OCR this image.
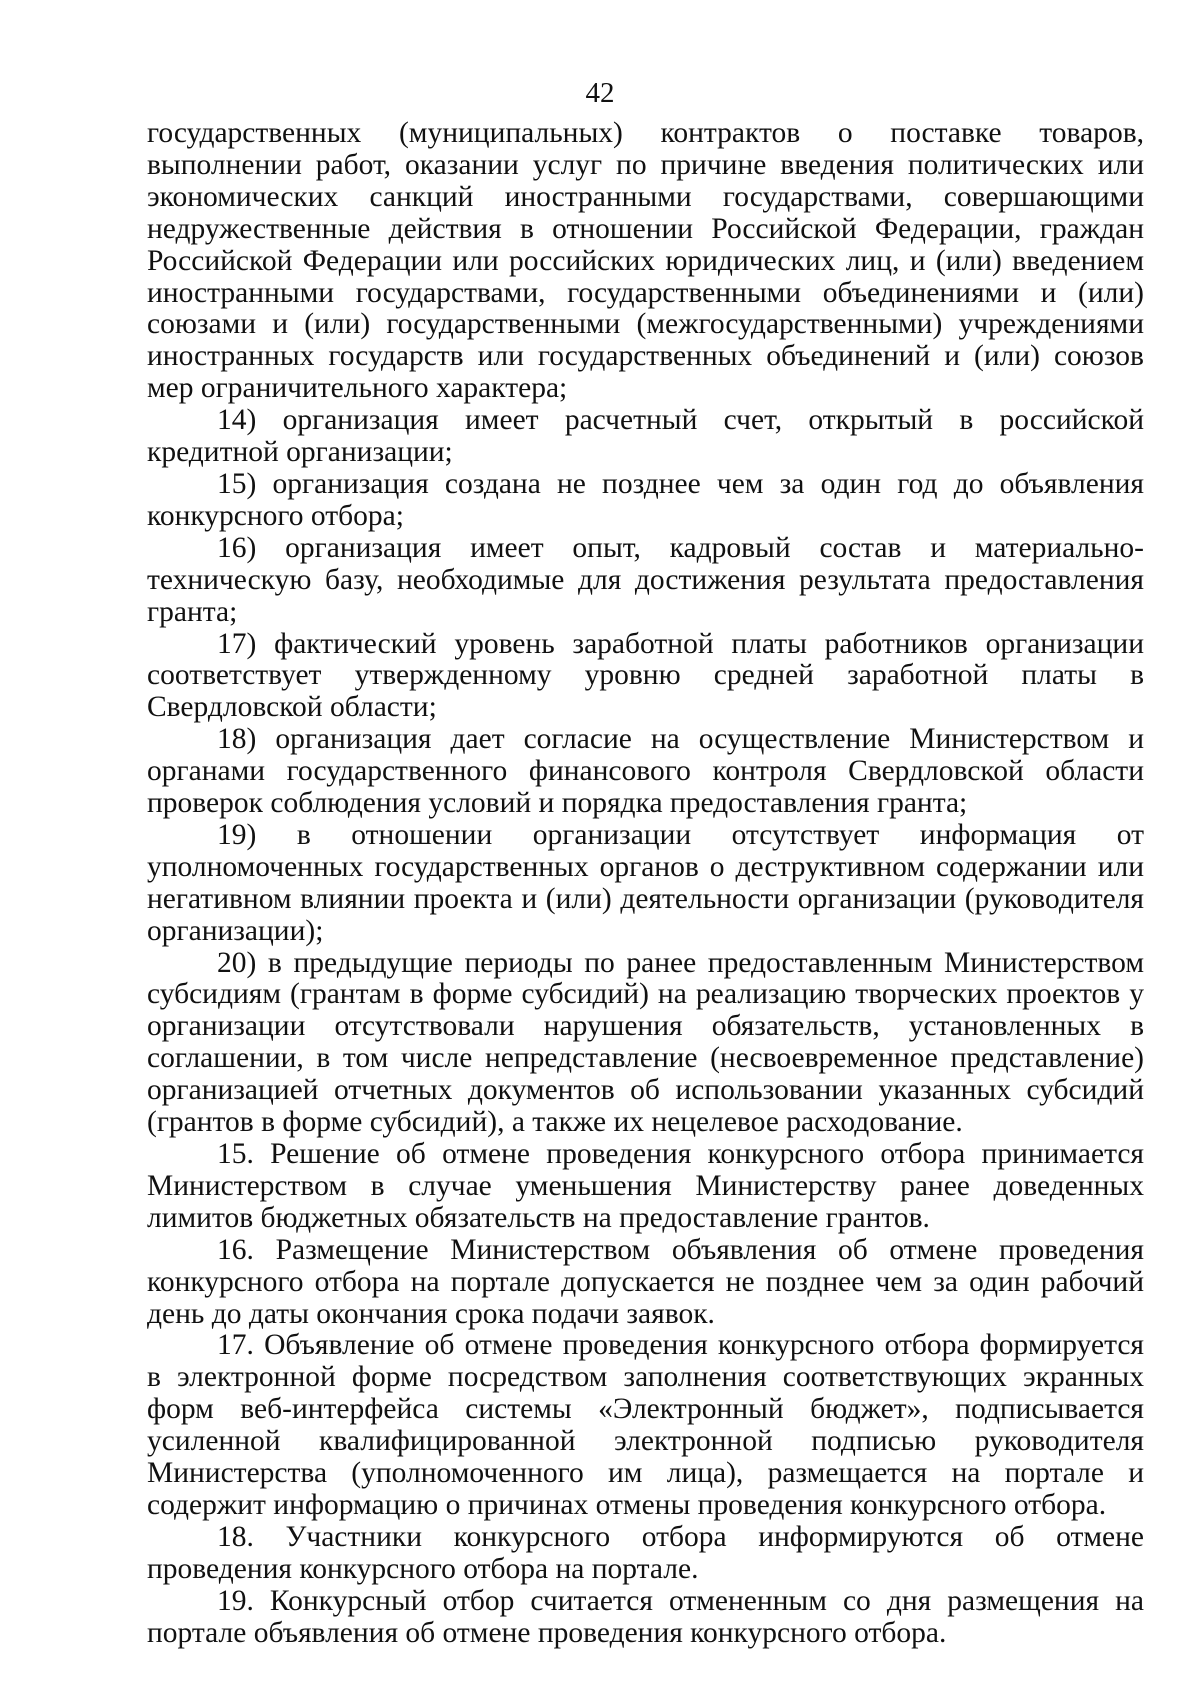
42

государственных (муниципальных) контрактов о поставке товаров, выполнении работ, оказании услуг по причине введения политических или экономических санкций иностранными государствами, совершающими недружественные действия в отношении Российской Федерации, граждан Российской Федерации или российских юридических лиц, и (или) введением иностранными государствами, государственными объединениями и (или) союзами и (или) государственными (межгосударственными) учреждениями иностранных государств или государственных объединений и (или) союзов мер ограничительного характера;

14) организация имеет расчетный счет, открытый в российской кредитной организации;

15) организация создана не позднее чем за один год до объявления конкурсного отбора;

16) организация имеет опыт, кадровый состав и материально-техническую базу, необходимые для достижения результата предоставления гранта;

17) фактический уровень заработной платы работников организации соответствует утвержденному уровню средней заработной платы в Свердловской области;

18) организация дает согласие на осуществление Министерством и органами государственного финансового контроля Свердловской области проверок соблюдения условий и порядка предоставления гранта;

19) в отношении организации отсутствует информация от уполномоченных государственных органов о деструктивном содержании или негативном влиянии проекта и (или) деятельности организации (руководителя организации);

20) в предыдущие периоды по ранее предоставленным Министерством субсидиям (грантам в форме субсидий) на реализацию творческих проектов у организации отсутствовали нарушения обязательств, установленных в соглашении, в том числе непредставление (несвоевременное представление) организацией отчетных документов об использовании указанных субсидий (грантов в форме субсидий), а также их нецелевое расходование.

15. Решение об отмене проведения конкурсного отбора принимается Министерством в случае уменьшения Министерству ранее доведенных лимитов бюджетных обязательств на предоставление грантов.

16. Размещение Министерством объявления об отмене проведения конкурсного отбора на портале допускается не позднее чем за один рабочий день до даты окончания срока подачи заявок.

17. Объявление об отмене проведения конкурсного отбора формируется в электронной форме посредством заполнения соответствующих экранных форм веб-интерфейса системы «Электронный бюджет», подписывается усиленной квалифицированной электронной подписью руководителя Министерства (уполномоченного им лица), размещается на портале и содержит информацию о причинах отмены проведения конкурсного отбора.

18. Участники конкурсного отбора информируются об отмене проведения конкурсного отбора на портале.

19. Конкурсный отбор считается отмененным со дня размещения на портале объявления об отмене проведения конкурсного отбора.
